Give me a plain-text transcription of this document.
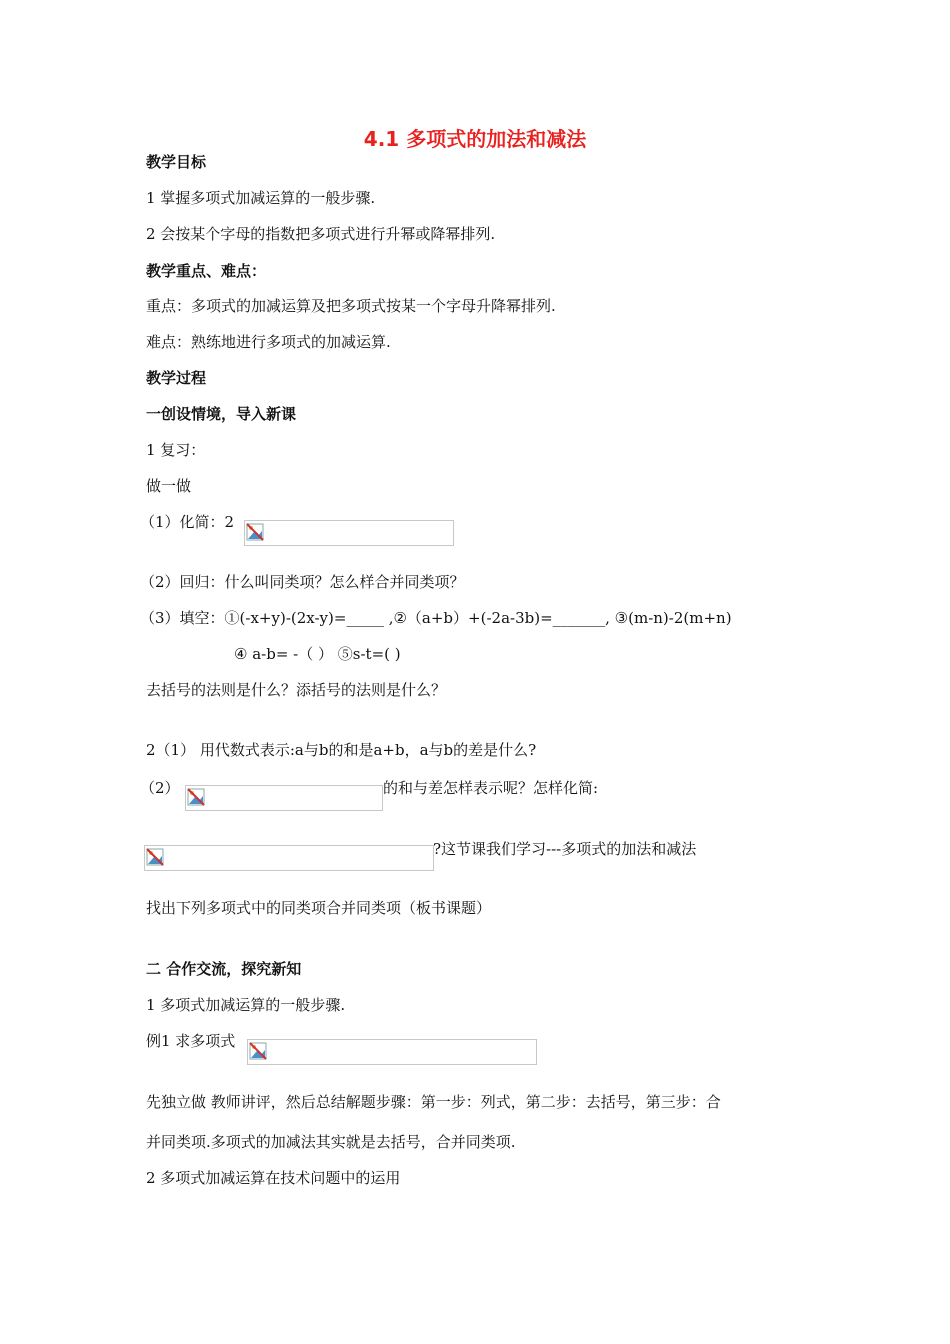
4.1 多项式的加法和减法
教学目标
1 掌握多项式加减运算的一般步骤.
2 会按某个字母的指数把多项式进行升幂或降幂排列.
教学重点、难点：
重点：多项式的加减运算及把多项式按某一个字母升降幂排列.
难点：熟练地进行多项式的加减运算.
教学过程
一创设情境，导入新课
1 复习：
做一做
（1）化简：2
（2）回归：什么叫同类项？怎么样合并同类项？
（3）填空：①(-x+y)-(2x-y)=_____ ,②（a+b）+(-2a-3b)=_______, ③(m-n)-2(m+n)
④ a-b= -（ ） ⑤s-t=( )
去括号的法则是什么？添括号的法则是什么？
2（1） 用代数式表示:a与b的和是a+b，a与b的差是什么?
（2）	的和与差怎样表示呢？怎样化简:
?这节课我们学习---多项式的加法和减法
找出下列多项式中的同类项合并同类项（板书课题）
二 合作交流，探究新知
1 多项式加减运算的一般步骤.
例1 求多项式
先独立做 教师讲评，然后总结解题步骤：第一步：列式，第二步：去括号，第三步：合
并同类项.多项式的加减法其实就是去括号，合并同类项.
2 多项式加减运算在技术问题中的运用
